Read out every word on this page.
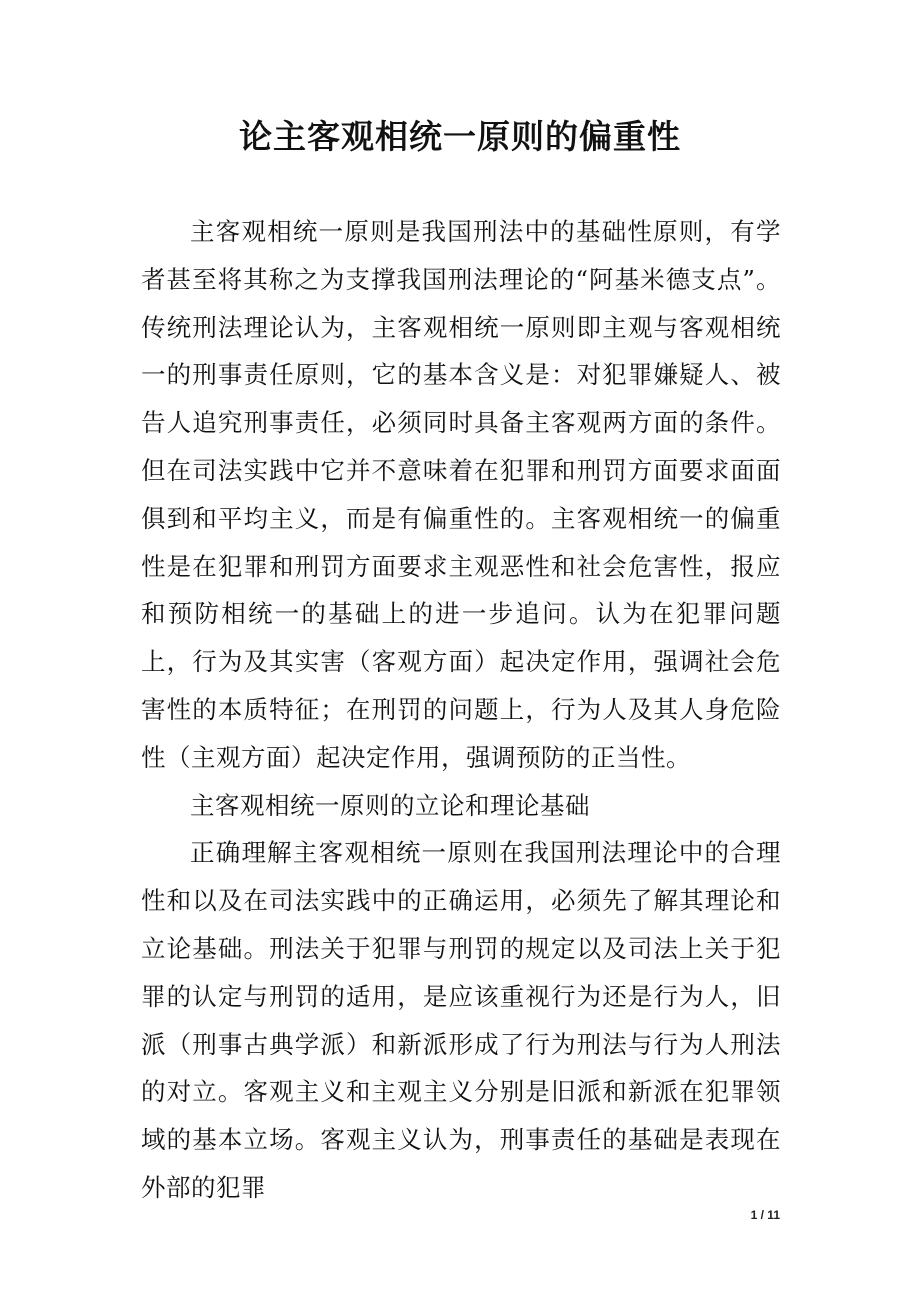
论主客观相统一原则的偏重性

主客观相统一原则是我国刑法中的基础性原则，有学者甚至将其称之为支撑我国刑法理论的“阿基米德支点”。传统刑法理论认为，主客观相统一原则即主观与客观相统一的刑事责任原则，它的基本含义是：对犯罪嫌疑人、被告人追究刑事责任，必须同时具备主客观两方面的条件。但在司法实践中它并不意味着在犯罪和刑罚方面要求面面俱到和平均主义，而是有偏重性的。主客观相统一的偏重性是在犯罪和刑罚方面要求主观恶性和社会危害性，报应和预防相统一的基础上的进一步追问。认为在犯罪问题上，行为及其实害（客观方面）起决定作用，强调社会危害性的本质特征；在刑罚的问题上，行为人及其人身危险性（主观方面）起决定作用，强调预防的正当性。

主客观相统一原则的立论和理论基础

正确理解主客观相统一原则在我国刑法理论中的合理性和以及在司法实践中的正确运用，必须先了解其理论和立论基础。刑法关于犯罪与刑罚的规定以及司法上关于犯罪的认定与刑罚的适用，是应该重视行为还是行为人，旧派（刑事古典学派）和新派形成了行为刑法与行为人刑法的对立。客观主义和主观主义分别是旧派和新派在犯罪领域的基本立场。客观主义认为，刑事责任的基础是表现在外部的犯罪

1 / 11
